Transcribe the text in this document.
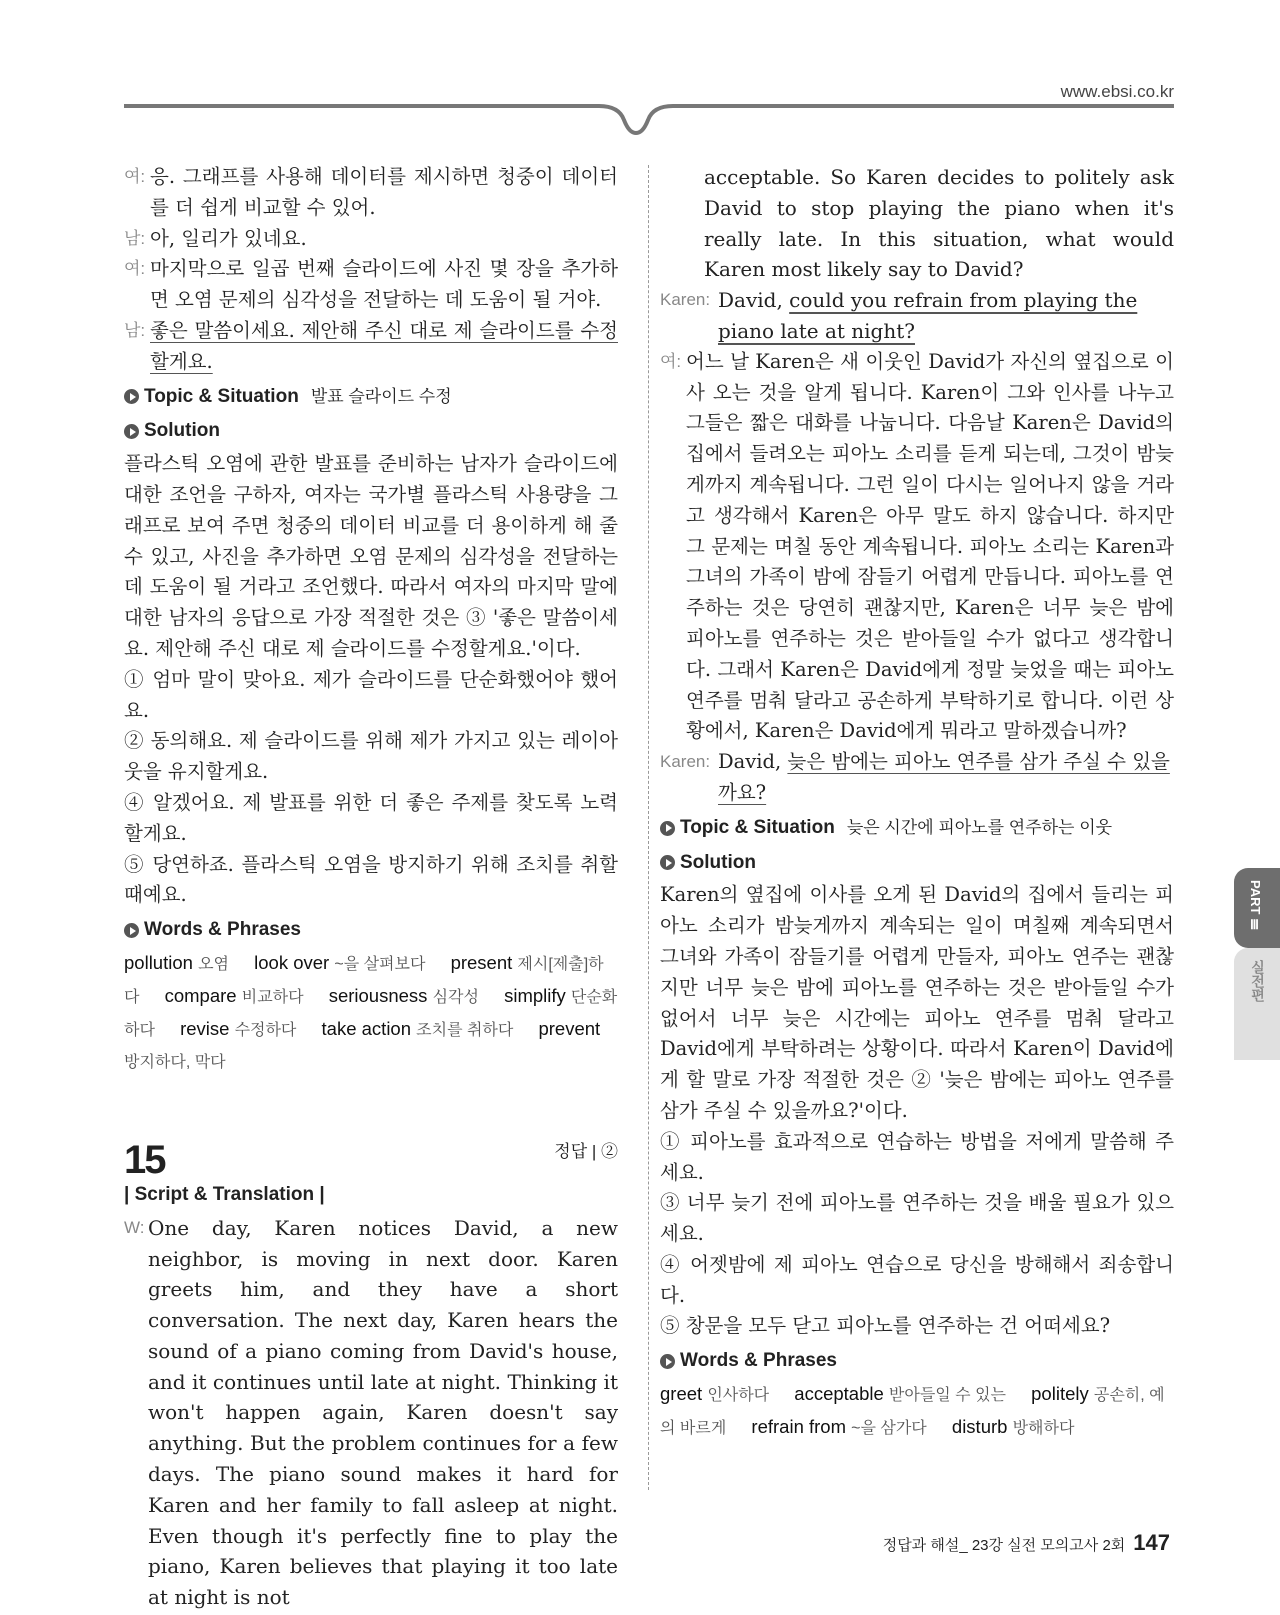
www.ebsi.co.kr
여: 응. 그래프를 사용해 데이터를 제시하면 청중이 데이터를 더 쉽게 비교할 수 있어.
남: 아, 일리가 있네요.
여: 마지막으로 일곱 번째 슬라이드에 사진 몇 장을 추가하면 오염 문제의 심각성을 전달하는 데 도움이 될 거야.
남: 좋은 말씀이세요. 제안해 주신 대로 제 슬라이드를 수정할게요.
Topic & Situation 발표 슬라이드 수정
Solution

플라스틱 오염에 관한 발표를 준비하는 남자가 슬라이드에 대한 조언을 구하자, 여자는 국가별 플라스틱 사용량을 그래프로 보여 주면 청중의 데이터 비교를 더 용이하게 해 줄 수 있고, 사진을 추가하면 오염 문제의 심각성을 전달하는 데 도움이 될 거라고 조언했다. 따라서 여자의 마지막 말에 대한 남자의 응답으로 가장 적절한 것은 ③ '좋은 말씀이세요. 제안해 주신 대로 제 슬라이드를 수정할게요.'이다.

① 엄마 말이 맞아요. 제가 슬라이드를 단순화했어야 했어요.

② 동의해요. 제 슬라이드를 위해 제가 가지고 있는 레이아웃을 유지할게요.

④ 알겠어요. 제 발표를 위한 더 좋은 주제를 찾도록 노력할게요.

⑤ 당연하죠. 플라스틱 오염을 방지하기 위해 조치를 취할 때예요.

Words & Phrases
pollution 오염 look over ~을 살펴보다 present 제시[제출]하다 compare 비교하다 seriousness 심각성 simplify 단순화하다 revise 수정하다 take action 조치를 취하다 prevent 방지하다, 막다
15	정답 | ②
| Script & Translation |
W: One day, Karen notices David, a new neighbor, is moving in next door. Karen greets him, and they have a short conversation. The next day, Karen hears the sound of a piano coming from David's house, and it continues until late at night. Thinking it won't happen again, Karen doesn't say anything. But the problem continues for a few days. The piano sound makes it hard for Karen and her family to fall asleep at night. Even though it's perfectly fine to play the piano, Karen believes that playing it too late at night is not

acceptable. So Karen decides to politely ask David to stop playing the piano when it's really late. In this situation, what would Karen most likely say to David?

Karen: David, could you refrain from playing the piano late at night?
여: 어느 날 Karen은 새 이웃인 David가 자신의 옆집으로 이사 오는 것을 알게 됩니다. Karen이 그와 인사를 나누고 그들은 짧은 대화를 나눕니다. 다음날 Karen은 David의 집에서 들려오는 피아노 소리를 듣게 되는데, 그것이 밤늦게까지 계속됩니다. 그런 일이 다시는 일어나지 않을 거라고 생각해서 Karen은 아무 말도 하지 않습니다. 하지만 그 문제는 며칠 동안 계속됩니다. 피아노 소리는 Karen과 그녀의 가족이 밤에 잠들기 어렵게 만듭니다. 피아노를 연주하는 것은 당연히 괜찮지만, Karen은 너무 늦은 밤에 피아노를 연주하는 것은 받아들일 수가 없다고 생각합니다. 그래서 Karen은 David에게 정말 늦었을 때는 피아노 연주를 멈춰 달라고 공손하게 부탁하기로 합니다. 이런 상황에서, Karen은 David에게 뭐라고 말하겠습니까?
Karen: David, 늦은 밤에는 피아노 연주를 삼가 주실 수 있을까요?
Topic & Situation 늦은 시간에 피아노를 연주하는 이웃
Solution

Karen의 옆집에 이사를 오게 된 David의 집에서 들리는 피아노 소리가 밤늦게까지 계속되는 일이 며칠째 계속되면서 그녀와 가족이 잠들기를 어렵게 만들자, 피아노 연주는 괜찮지만 너무 늦은 밤에 피아노를 연주하는 것은 받아들일 수가 없어서 너무 늦은 시간에는 피아노 연주를 멈춰 달라고 David에게 부탁하려는 상황이다. 따라서 Karen이 David에게 할 말로 가장 적절한 것은 ② '늦은 밤에는 피아노 연주를 삼가 주실 수 있을까요?'이다.

① 피아노를 효과적으로 연습하는 방법을 저에게 말씀해 주세요.

③ 너무 늦기 전에 피아노를 연주하는 것을 배울 필요가 있으세요.

④ 어젯밤에 제 피아노 연습으로 당신을 방해해서 죄송합니다.

⑤ 창문을 모두 닫고 피아노를 연주하는 건 어떠세요?

Words & Phrases
greet 인사하다 acceptable 받아들일 수 있는 politely 공손히, 예의 바르게 refrain from ~을 삼가다 disturb 방해하다
PART Ⅲ
실전편
정답과 해설_ 23강 실전 모의고사 2회 147
